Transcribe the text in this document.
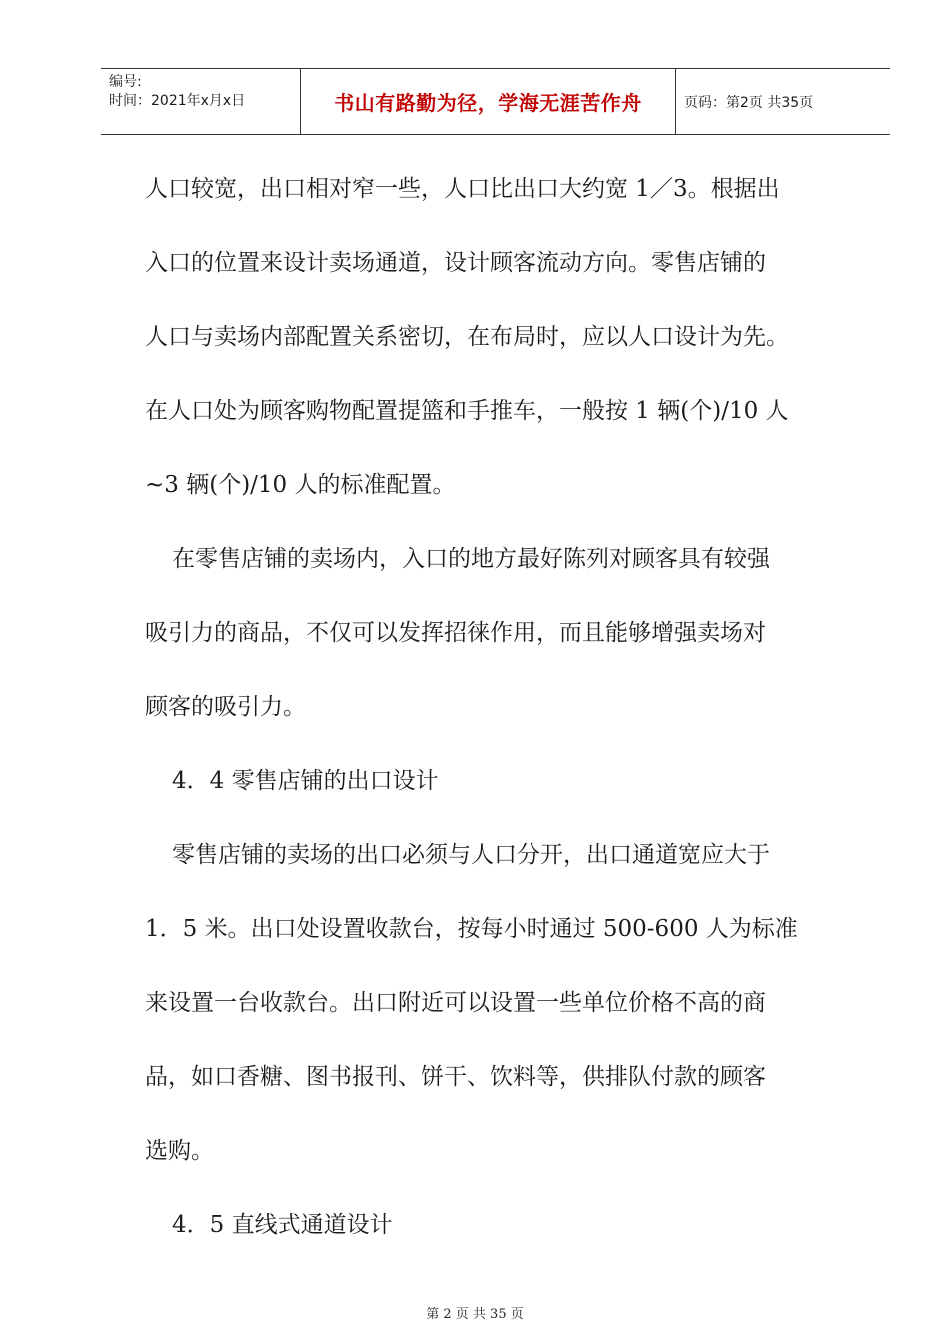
编号:
时间：2021年x月x日	书山有路勤为径，学海无涯苦作舟	页码：第2页 共35页

人口较宽，出口相对窄一些，人口比出口大约宽 1／3。根据出

入口的位置来设计卖场通道，设计顾客流动方向。零售店铺的

人口与卖场内部配置关系密切，在布局时，应以人口设计为先。

在人口处为顾客购物配置提篮和手推车，一般按 1 辆(个)/10 人

~3 辆(个)/10 人的标准配置。

在零售店铺的卖场内，入口的地方最好陈列对顾客具有较强

吸引力的商品，不仅可以发挥招徕作用，而且能够增强卖场对

顾客的吸引力。

4．4 零售店铺的出口设计

零售店铺的卖场的出口必须与人口分开，出口通道宽应大于

1．5 米。出口处设置收款台，按每小时通过 500-600 人为标准

来设置一台收款台。出口附近可以设置一些单位价格不高的商

品，如口香糖、图书报刊、饼干、饮料等，供排队付款的顾客

选购。

4．5 直线式通道设计

第 2 页 共 35 页
